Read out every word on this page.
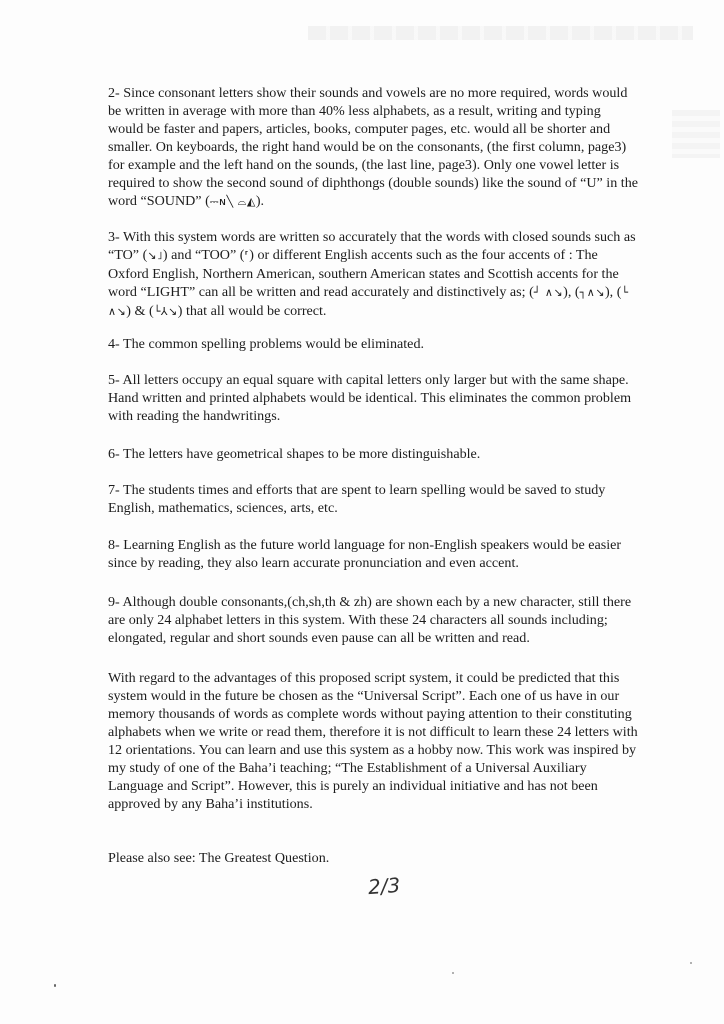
2- Since consonant letters show their sounds and vowels are no more required, words would be written in average with more than 40% less alphabets, as a result, writing and typing would be faster and papers, articles, books, computer pages, etc. would all be shorter and smaller. On keyboards, the right hand would be on the consonants, (the first column, page3) for example and the left hand on the sounds, (the last line, page3). Only one vowel letter is required to show the second sound of diphthongs (double sounds) like the sound of “U” in the word “SOUND” (⎓ɴ╲ ⌓◭).

3- With this system words are written so accurately that the words with closed sounds such as “TO” (↘˩) and “TOO” (⸢) or different English accents such as the four accents of : The Oxford English, Northern American, southern American states and Scottish accents for the word “LIGHT” can all be written and read accurately and distinctively as; (┘ ∧↘), (┐∧↘), (└ ∧↘) & (└⅄↘) that all would be correct.

4- The common spelling problems would be eliminated.

5- All letters occupy an equal square with capital letters only larger but with the same shape. Hand written and printed alphabets would be identical. This eliminates the common problem with reading the handwritings.

6- The letters have geometrical shapes to be more distinguishable.

7- The students times and efforts that are spent to learn spelling would be saved to study English, mathematics, sciences, arts, etc.

8- Learning English as the future world language for non-English speakers would be easier since by reading, they also learn accurate pronunciation and even accent.

9- Although double consonants,(ch,sh,th & zh) are shown each by a new character, still there are only 24 alphabet letters in this system. With these 24 characters all sounds including; elongated, regular and short sounds even pause can all be written and read.

With regard to the advantages of this proposed script system, it could be predicted that this system would in the future be chosen as the “Universal Script”. Each one of us have in our memory thousands of words as complete words without paying attention to their constituting alphabets when we write or read them, therefore it is not difficult to learn these 24 letters with 12 orientations. You can learn and use this system as a hobby now. This work was inspired by my study of one of the Baha’i teaching; “The Establishment of a Universal Auxiliary Language and Script”. However, this is purely an individual initiative and has not been approved by any Baha’i institutions.

Please also see: The Greatest Question.

2/3
